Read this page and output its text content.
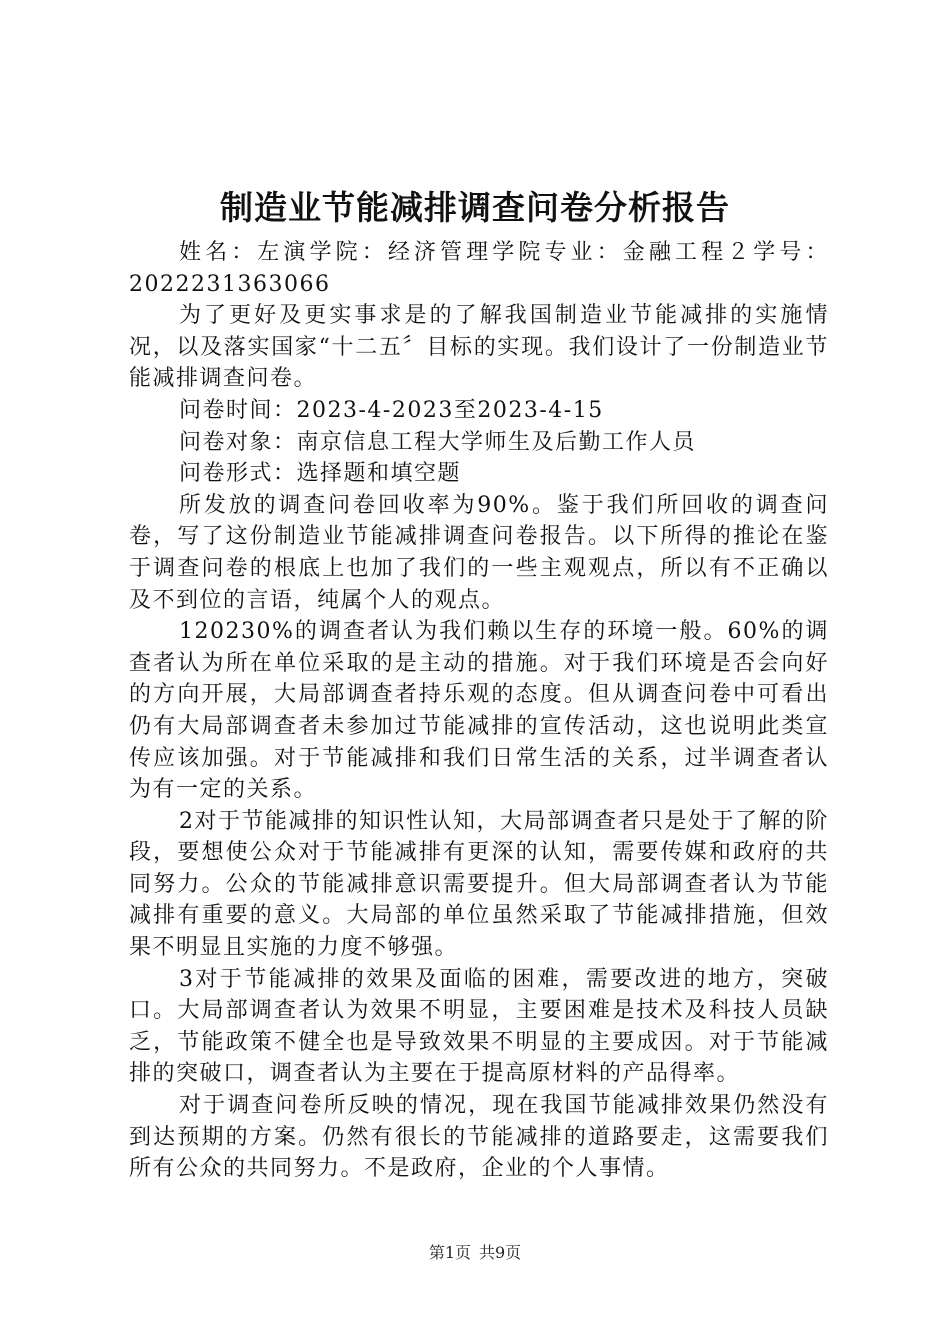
制造业节能减排调查问卷分析报告

姓名：左演学院：经济管理学院专业：金融工程２学号：2022231363066

为了更好及更实事求是的了解我国制造业节能减排的实施情况，以及落实国家“十二五〞目标的实现。我们设计了一份制造业节能减排调查问卷。

问卷时间：2023-4-2023至2023-4-15

问卷对象：南京信息工程大学师生及后勤工作人员

问卷形式：选择题和填空题

所发放的调查问卷回收率为90%。鉴于我们所回收的调查问卷，写了这份制造业节能减排调查问卷报告。以下所得的推论在鉴于调查问卷的根底上也加了我们的一些主观观点，所以有不正确以及不到位的言语，纯属个人的观点。

120230%的调查者认为我们赖以生存的环境一般。60%的调查者认为所在单位采取的是主动的措施。对于我们环境是否会向好的方向开展，大局部调查者持乐观的态度。但从调查问卷中可看出仍有大局部调查者未参加过节能减排的宣传活动，这也说明此类宣传应该加强。对于节能减排和我们日常生活的关系，过半调查者认为有一定的关系。

2对于节能减排的知识性认知，大局部调查者只是处于了解的阶段，要想使公众对于节能减排有更深的认知，需要传媒和政府的共同努力。公众的节能减排意识需要提升。但大局部调查者认为节能减排有重要的意义。大局部的单位虽然采取了节能减排措施，但效果不明显且实施的力度不够强。

3对于节能减排的效果及面临的困难，需要改进的地方，突破口。大局部调查者认为效果不明显，主要困难是技术及科技人员缺乏，节能政策不健全也是导致效果不明显的主要成因。对于节能减排的突破口，调查者认为主要在于提高原材料的产品得率。

对于调查问卷所反映的情况，现在我国节能减排效果仍然没有到达预期的方案。仍然有很长的节能减排的道路要走，这需要我们所有公众的共同努力。不是政府，企业的个人事情。

第1页 共9页
